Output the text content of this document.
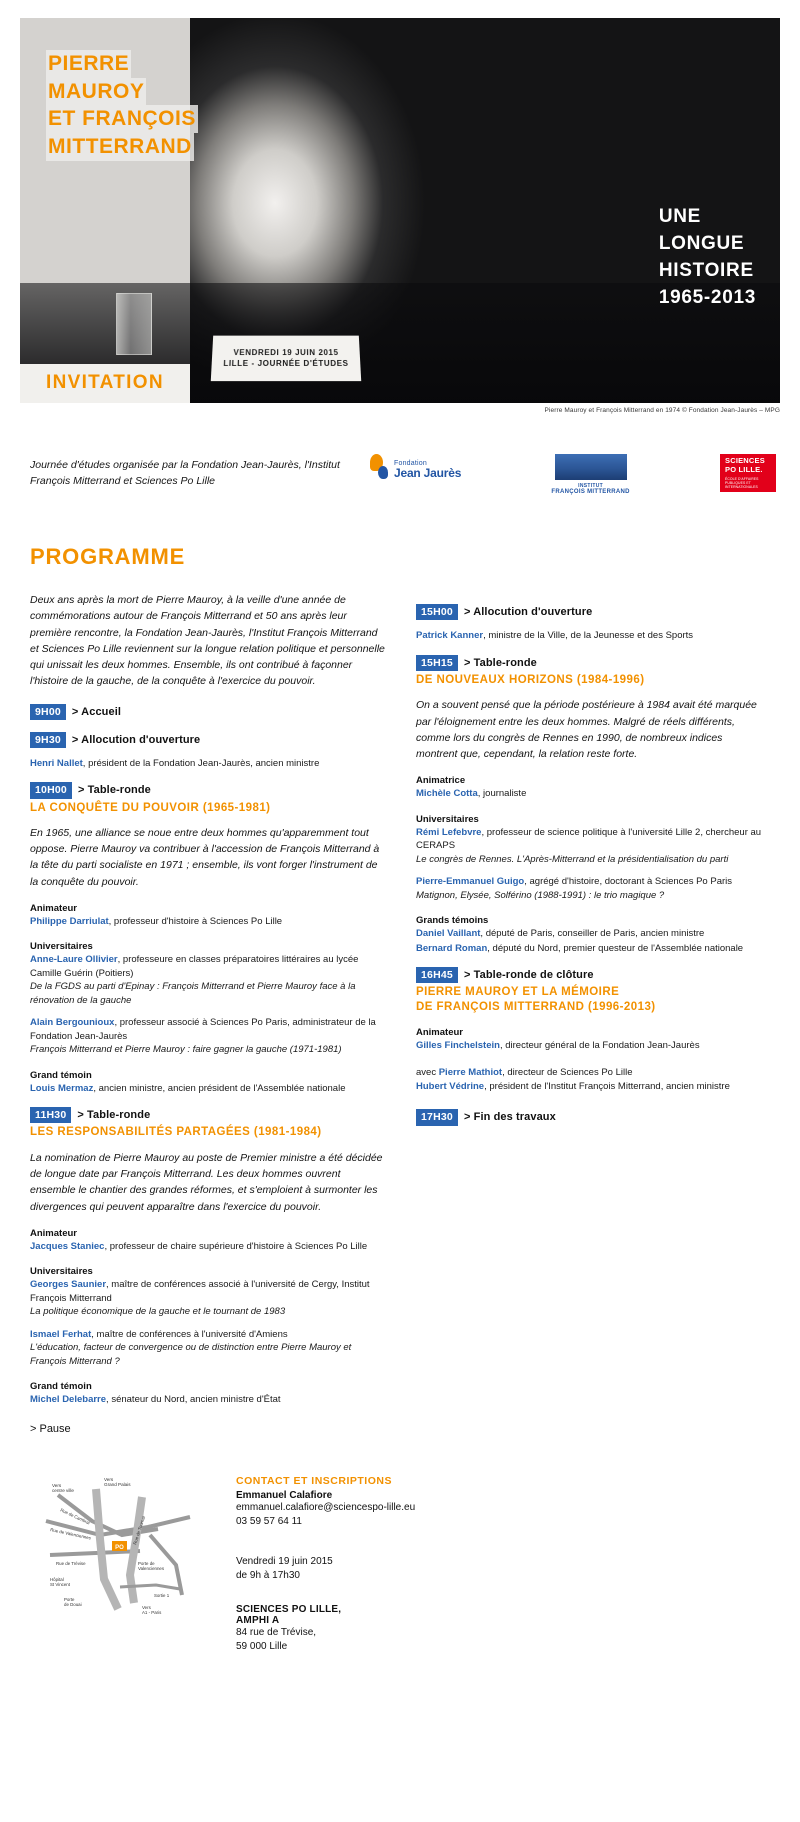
VENDREDI 19 JUIN 2015
LILLE - JOURNÉE D'ÉTUDES
PIERRE
MAUROY
ET FRANÇOIS
MITTERRAND
UNE
LONGUE
HISTOIRE
1965-2013
INVITATION
Pierre Mauroy et François Mitterrand en 1974 © Fondation Jean-Jaurès – MPG
Journée d'études organisée par la Fondation Jean-Jaurès, l'Institut François Mitterrand et Sciences Po Lille
Fondation
Jean Jaurès
INSTITUT
FRANÇOIS MITTERRAND
SCIENCES PO LILLE.
ÉCOLE D'AFFAIRES PUBLIQUES ET INTERNATIONALES
PROGRAMME
Deux ans après la mort de Pierre Mauroy, à la veille d'une année de commémorations autour de François Mitterrand et 50 ans après leur première rencontre, la Fondation Jean-Jaurès, l'Institut François Mitterrand et Sciences Po Lille reviennent sur la longue relation politique et personnelle qui unissait les deux hommes. Ensemble, ils ont contribué à façonner l'histoire de la gauche, de la conquête à l'exercice du pouvoir.
9H00	> Accueil
9H30	> Allocution d'ouverture
Henri Nallet, président de la Fondation Jean-Jaurès, ancien ministre
10H00	> Table-ronde
LA CONQUÊTE DU POUVOIR (1965-1981)
En 1965, une alliance se noue entre deux hommes qu'apparemment tout oppose. Pierre Mauroy va contribuer à l'accession de François Mitterrand à la tête du parti socialiste en 1971 ; ensemble, ils vont forger l'instrument de la conquête du pouvoir.
Animateur
Philippe Darriulat, professeur d'histoire à Sciences Po Lille
Universitaires
Anne-Laure Ollivier, professeure en classes préparatoires littéraires au lycée Camille Guérin (Poitiers)
De la FGDS au parti d'Epinay : François Mitterrand et Pierre Mauroy face à la rénovation de la gauche
Alain Bergounioux, professeur associé à Sciences Po Paris, administrateur de la Fondation Jean-Jaurès
François Mitterrand et Pierre Mauroy : faire gagner la gauche (1971-1981)
Grand témoin
Louis Mermaz, ancien ministre, ancien président de l'Assemblée nationale
11H30	> Table-ronde
LES RESPONSABILITÉS PARTAGÉES (1981-1984)
La nomination de Pierre Mauroy au poste de Premier ministre a été décidée de longue date par François Mitterrand. Les deux hommes ouvrent ensemble le chantier des grandes réformes, et s'emploient à surmonter les divergences qui peuvent apparaître dans l'exercice du pouvoir.
Animateur
Jacques Staniec, professeur de chaire supérieure d'histoire à Sciences Po Lille
Universitaires
Georges Saunier, maître de conférences associé à l'université de Cergy, Institut François Mitterrand
La politique économique de la gauche et le tournant de 1983
Ismael Ferhat, maître de conférences à l'université d'Amiens
L'éducation, facteur de convergence ou de distinction entre Pierre Mauroy et François Mitterrand ?
Grand témoin
Michel Delebarre, sénateur du Nord, ancien ministre d'État
> Pause
15H00	> Allocution d'ouverture
Patrick Kanner, ministre de la Ville, de la Jeunesse et des Sports
15H15	> Table-ronde
DE NOUVEAUX HORIZONS (1984-1996)
On a souvent pensé que la période postérieure à 1984 avait été marquée par l'éloignement entre les deux hommes. Malgré de réels différents, comme lors du congrès de Rennes en 1990, de nombreux indices montrent que, cependant, la relation reste forte.
Animatrice
Michèle Cotta, journaliste
Universitaires
Rémi Lefebvre, professeur de science politique à l'université Lille 2, chercheur au CERAPS
Le congrès de Rennes. L'Après-Mitterrand et la présidentialisation du parti
Pierre-Emmanuel Guigo, agrégé d'histoire, doctorant à Sciences Po Paris
Matignon, Elysée, Solférino (1988-1991) : le trio magique ?
Grands témoins
Daniel Vaillant, député de Paris, conseiller de Paris, ancien ministre
Bernard Roman, député du Nord, premier questeur de l'Assemblée nationale
16H45	> Table-ronde de clôture
PIERRE MAUROY ET LA MÉMOIRE
DE FRANÇOIS MITTERRAND (1996-2013)
Animateur
Gilles Finchelstein, directeur général de la Fondation Jean-Jaurès
avec Pierre Mathiot, directeur de Sciences Po Lille
Hubert Védrine, président de l'Institut François Mitterrand, ancien ministre
17H30	> Fin des travaux
PO
Vers
centre ville
Vers
Grand Palais
Rue de Cambrai
Rue de Valenciennes
Rue de Trévise
Rue de Tournai
Hôpital
St Vincent
Porte de
Valenciennes
Porte
de Douai
Sortie 1
Vers
A1 - Paris
CONTACT ET INSCRIPTIONS
Emmanuel Calafiore
emmanuel.calafiore@sciencespo-lille.eu
03 59 57 64 11
Vendredi 19 juin 2015
de 9h à 17h30
SCIENCES PO LILLE,
AMPHI A
84 rue de Trévise,
59 000 Lille
